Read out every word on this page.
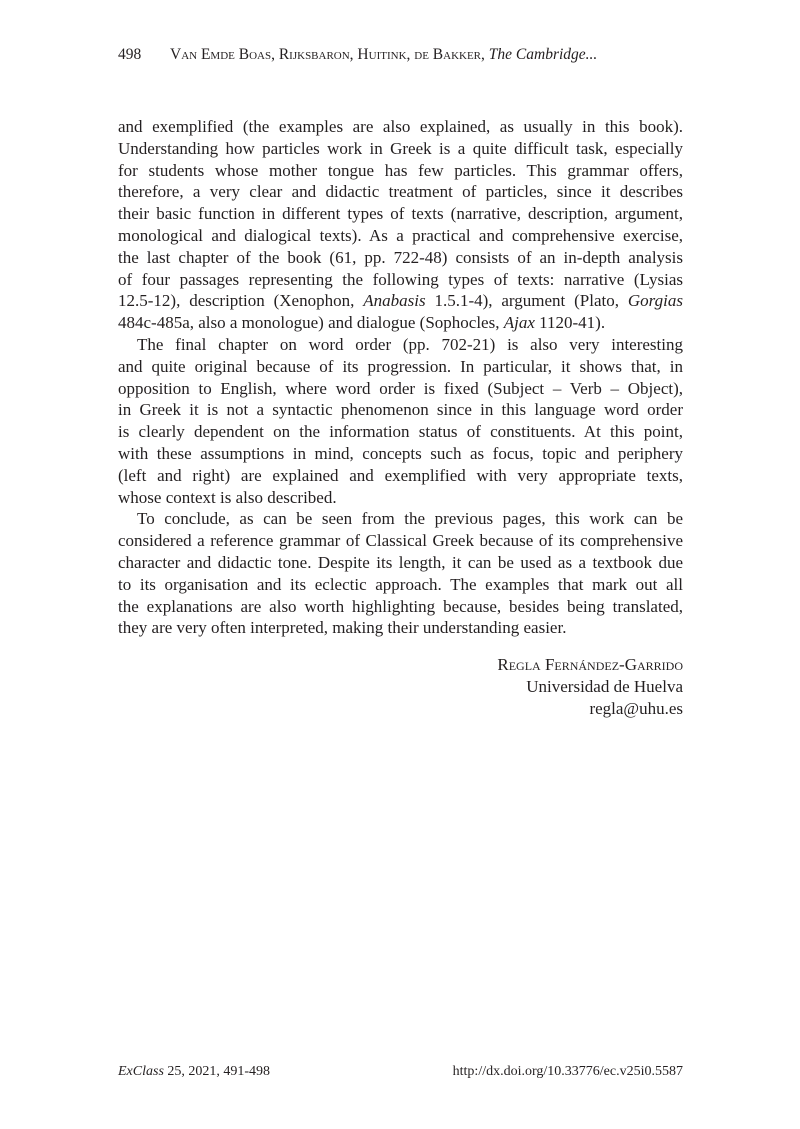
498 Van Emde Boas, Rijksbaron, Huitink, de Bakker, The Cambridge...
and exemplified (the examples are also explained, as usually in this book).
Understanding how particles work in Greek is a quite difficult task, especially
for students whose mother tongue has few particles. This grammar offers,
therefore, a very clear and didactic treatment of particles, since it describes
their basic function in different types of texts (narrative, description, argument,
monological and dialogical texts). As a practical and comprehensive exercise,
the last chapter of the book (61, pp. 722-48) consists of an in-depth analysis
of four passages representing the following types of texts: narrative (Lysias
12.5-12), description (Xenophon, Anabasis 1.5.1-4), argument (Plato, Gorgias
484c-485a, also a monologue) and dialogue (Sophocles, Ajax 1120-41).
The final chapter on word order (pp. 702-21) is also very interesting
and quite original because of its progression. In particular, it shows that, in
opposition to English, where word order is fixed (Subject – Verb – Object),
in Greek it is not a syntactic phenomenon since in this language word order
is clearly dependent on the information status of constituents. At this point,
with these assumptions in mind, concepts such as focus, topic and periphery
(left and right) are explained and exemplified with very appropriate texts,
whose context is also described.
To conclude, as can be seen from the previous pages, this work can be
considered a reference grammar of Classical Greek because of its comprehensive
character and didactic tone. Despite its length, it can be used as a textbook due
to its organisation and its eclectic approach. The examples that mark out all
the explanations are also worth highlighting because, besides being translated,
they are very often interpreted, making their understanding easier.
Regla Fernández-Garrido
Universidad de Huelva
regla@uhu.es
ExClass 25, 2021, 491-498	http://dx.doi.org/10.33776/ec.v25i0.5587
